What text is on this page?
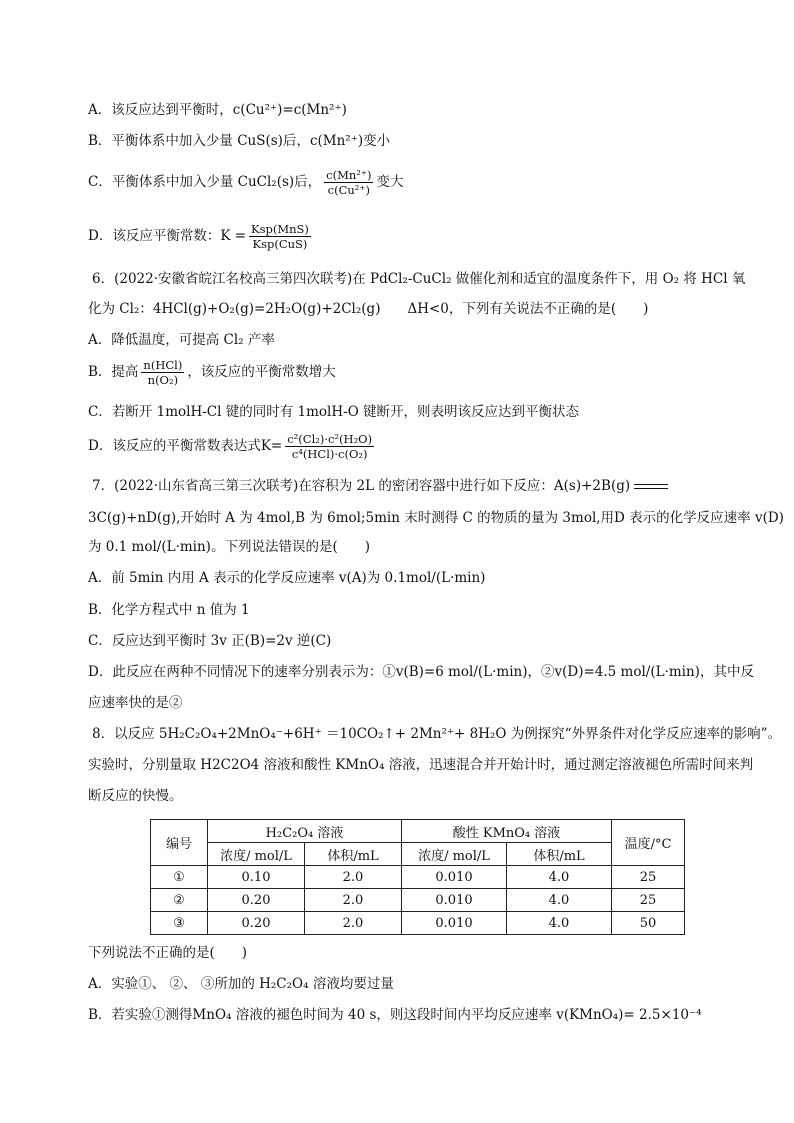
A．该反应达到平衡时，c(Cu²⁺)=c(Mn²⁺)
B．平衡体系中加入少量 CuS(s)后，c(Mn²⁺)变小
C．平衡体系中加入少量 CuCl₂(s)后， $\frac{\text{c(Mn²⁺)}}{\text{c(Cu²⁺)}}$ 变大
D．该反应平衡常数：$K = \frac{\text{Ksp(MnS)}}{\text{Ksp(CuS)}}$
6．(2022·安徽省皖江名校高三第四次联考)在 PdCl₂-CuCl₂ 做催化剂和适宜的温度条件下，用 O₂ 将 HCl 氧
化为 Cl₂：4HCl(g)+O₂(g)=2H₂O(g)+2Cl₂(g)　　ΔH<0，下列有关说法不正确的是(　　)
A．降低温度，可提高 Cl₂ 产率
B．提高 $\frac{\text{n(HCl)}}{\text{n(O₂)}}$ ，该反应的平衡常数增大
C．若断开 1molH-Cl 键的同时有 1molH-O 键断开，则表明该反应达到平衡状态
D．该反应的平衡常数表达式$K= \frac{\text{c²(Cl₂)·c²(H₂O)}}{\text{c⁴(HCl)·c(O₂)}}$
7．(2022·山东省高三第三次联考)在容积为 2L 的密闭容器中进行如下反应：A(s)+2B(g)
3C(g)+nD(g),开始时 A 为 4mol,B 为 6mol;5min 末时测得 C 的物质的量为 3mol,用D 表示的化学反应速率 v(D)
为 0.1 mol/(L·min)。下列说法错误的是(　　)
A．前 5min 内用 A 表示的化学反应速率 v(A)为 0.1mol/(L·min)
B．化学方程式中 n 值为 1
C．反应达到平衡时 3v 正(B)=2v 逆(C)
D．此反应在两种不同情况下的速率分别表示为：①v(B)=6 mol/(L·min)，②v(D)=4.5 mol/(L·min)，其中反
应速率快的是②
8．以反应 5H₂C₂O₄+2MnO₄⁻+6H⁺ ＝10CO₂↑+ 2Mn²⁺+ 8H₂O 为例探究“外界条件对化学反应速率的影响”。
实验时，分别量取 H2C2O4 溶液和酸性 KMnO₄ 溶液，迅速混合并开始计时，通过测定溶液褪色所需时间来判
断反应的快慢。
编号	H₂C₂O₄ 溶液		酸性 KMnO₄ 溶液		温度/°C
	浓度/ mol/L	体积/mL	浓度/ mol/L	体积/mL	
①	0.10	2.0	0.010	4.0	25
②	0.20	2.0	0.010	4.0	25
③	0.20	2.0	0.010	4.0	50
下列说法不正确的是(　　)
A．实验①、 ②、 ③所加的 H₂C₂O₄ 溶液均要过量
B．若实验①测得MnO₄ 溶液的褪色时间为 40 s，则这段时间内平均反应速率 v(KMnO₄)= 2.5×10⁻⁴
